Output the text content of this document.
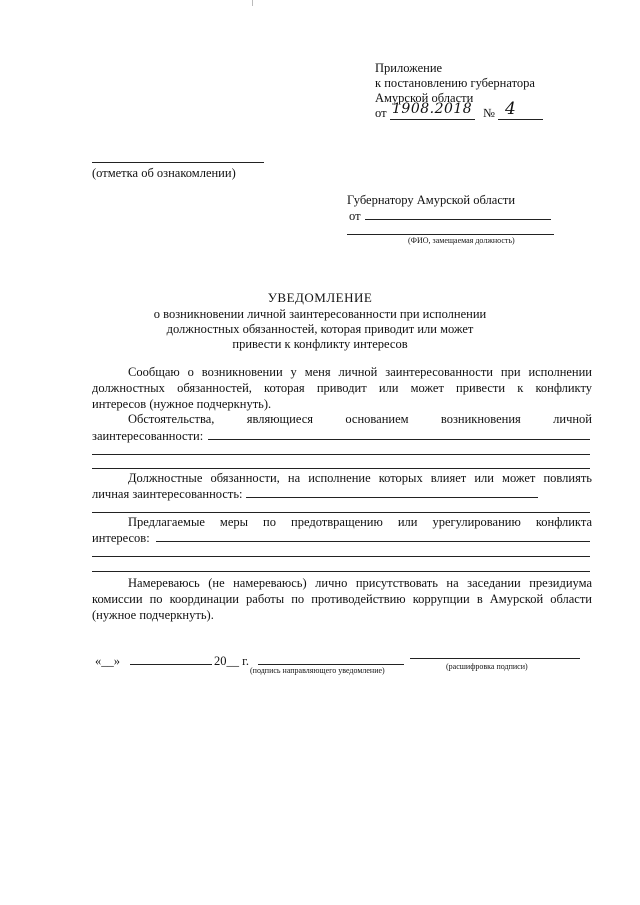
Приложение
к постановлению губернатора
Амурской области
от 1908.2018 № 4
(отметка об ознакомлении)
Губернатору Амурской области
от
(ФИО, замещаемая должность)
УВЕДОМЛЕНИЕ
о возникновении личной заинтересованности при исполнении
должностных обязанностей, которая приводит или может
привести к конфликту интересов
Сообщаю о возникновении у меня личной заинтересованности при исполнении
должностных обязанностей, которая приводит или может привести к конфликту
интересов (нужное подчеркнуть).
Обстоятельства, являющиеся основанием возникновения личной
заинтересованности:
Должностные обязанности, на исполнение которых влияет или может повлиять
личная заинтересованность:
Предлагаемые меры по предотвращению или урегулированию конфликта
интересов:
Намереваюсь (не намереваюсь) лично присутствовать на заседании президиума
комиссии по координации работы по противодействию коррупции в Амурской области
(нужное подчеркнуть).
«__»	20__ г.
(подпись направляющего уведомление)	(расшифровка подписи)
